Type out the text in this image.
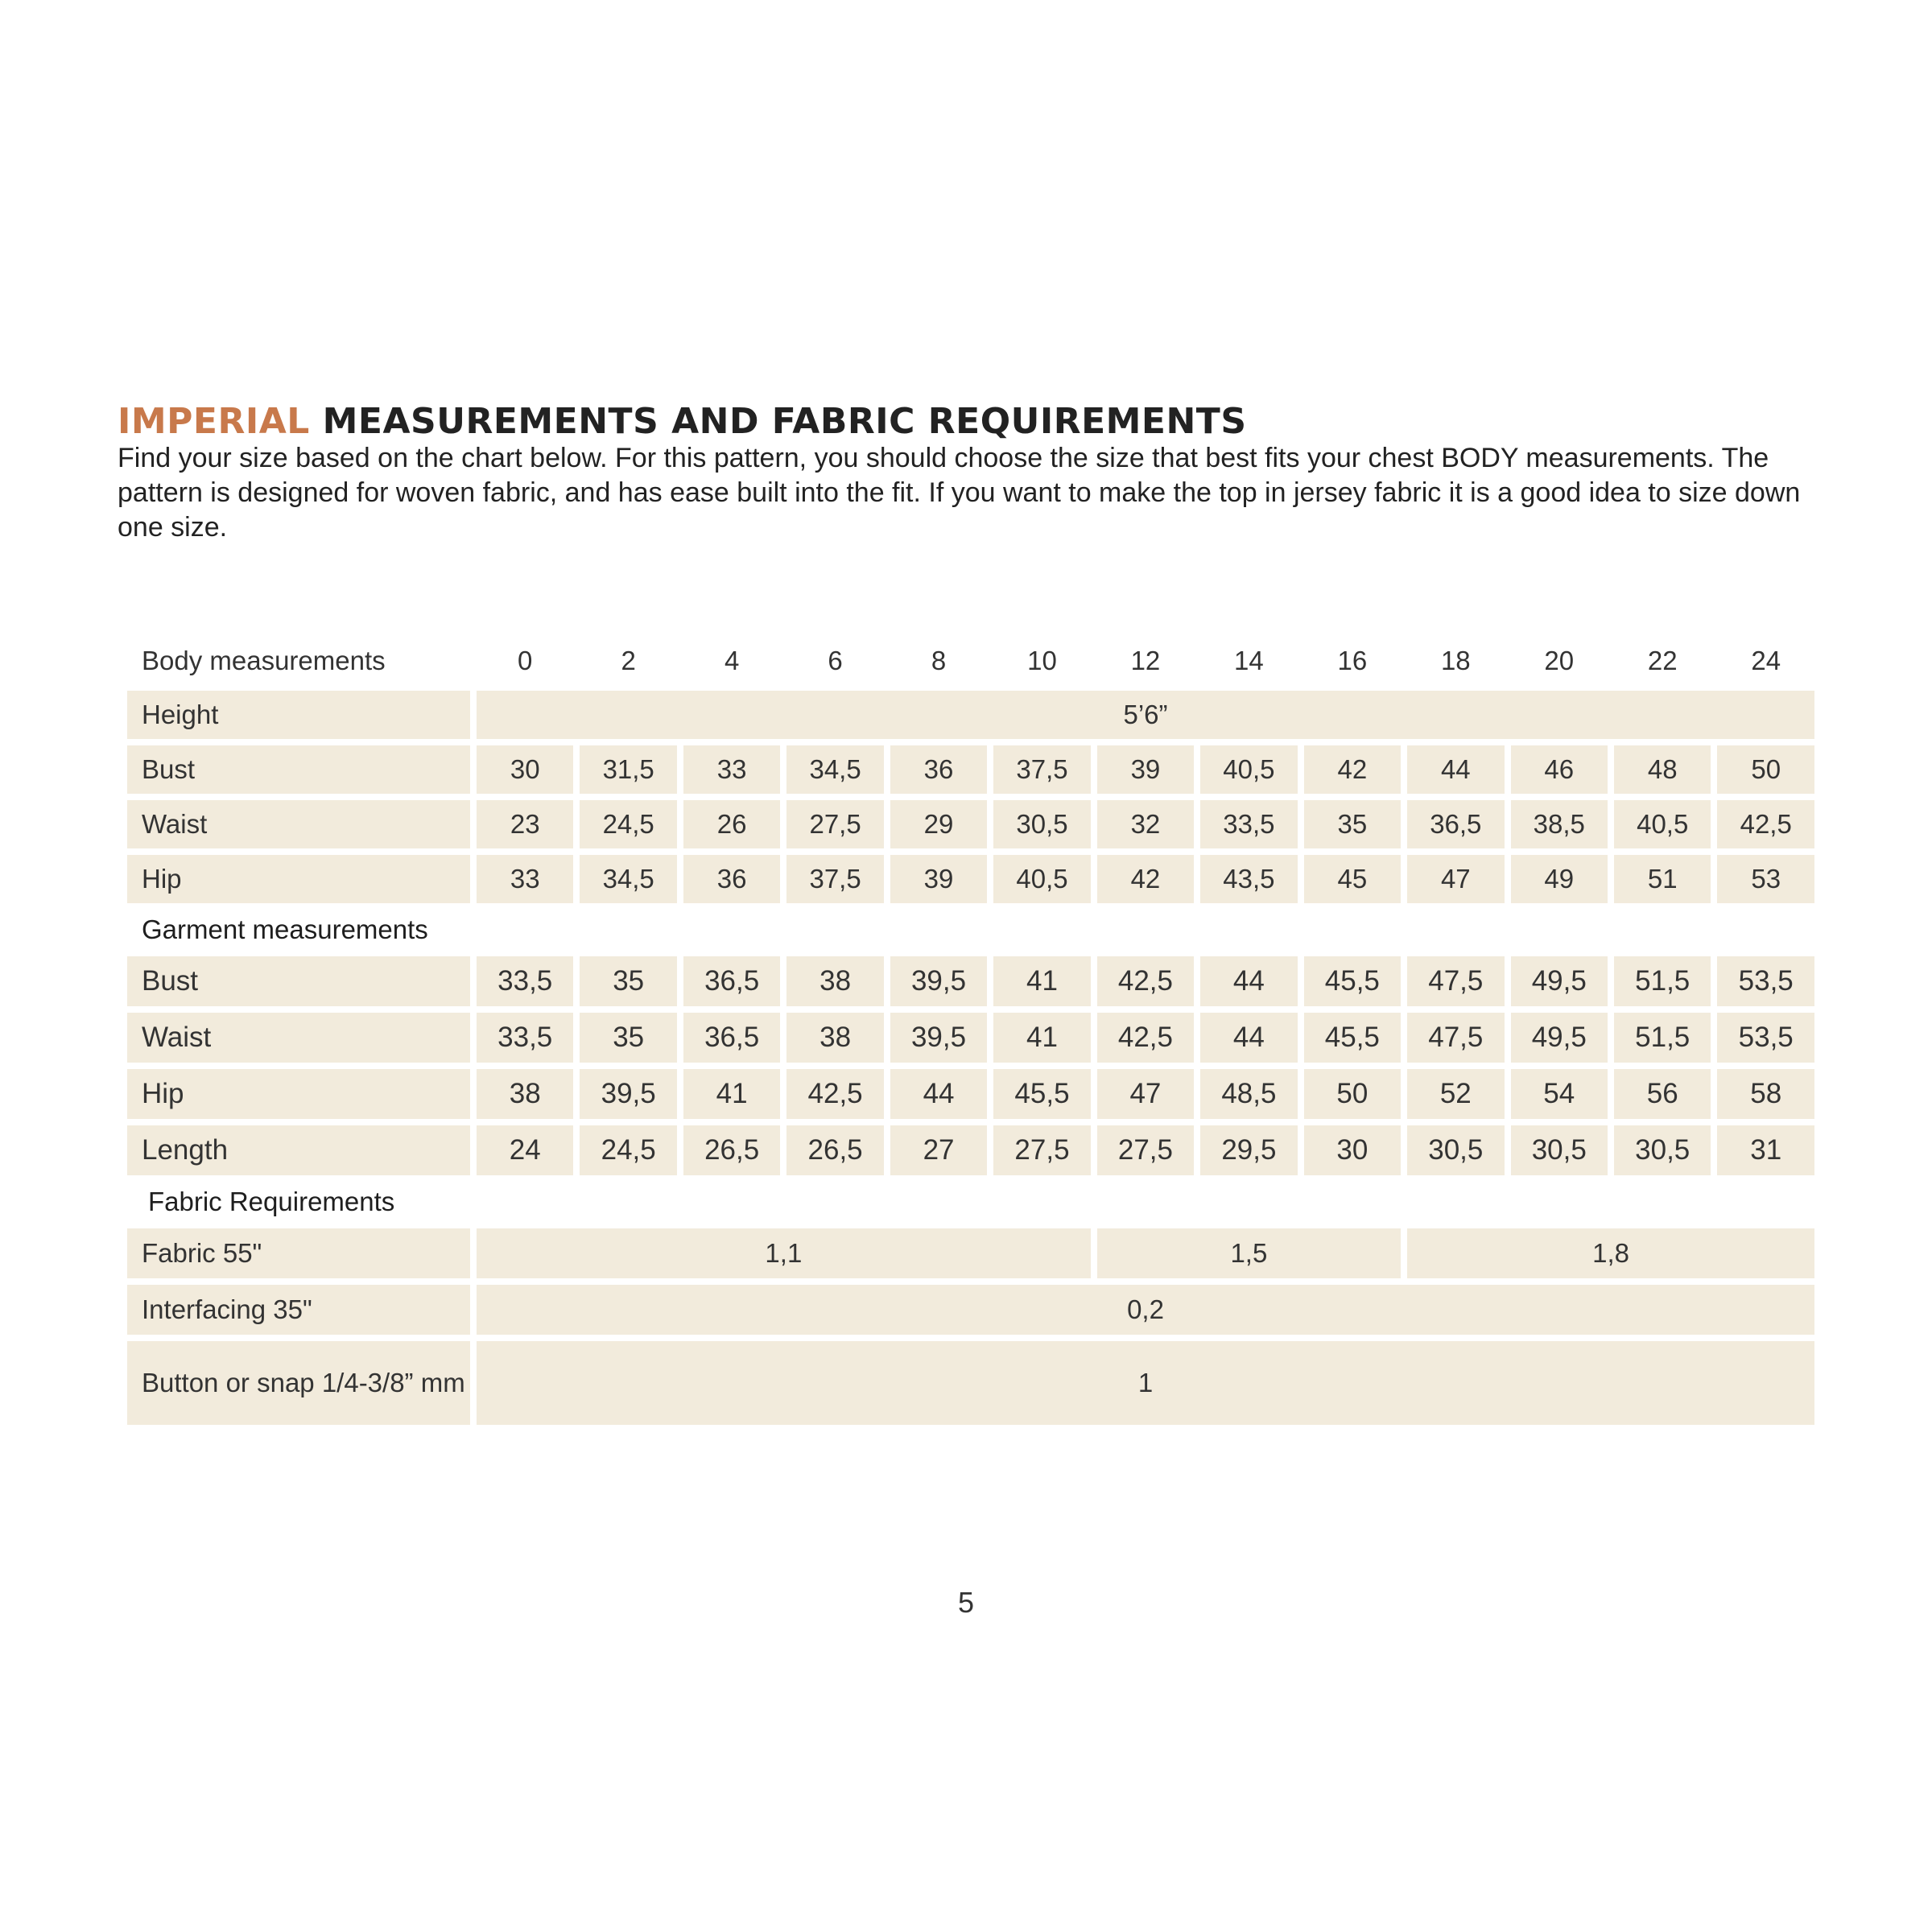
IMPERIAL MEASUREMENTS AND FABRIC REQUIREMENTS

Find your size based on the chart below. For this pattern, you should choose the size that best fits your chest BODY measurements. The pattern is designed for woven fabric, and has ease built into the fit. If you want to make the top in jersey fabric it is a good idea to size down one size.

Body measurements	0	2	4	6	8	10	12	14	16	18	20	22	24
Height	5’6”												
Bust	30	31,5	33	34,5	36	37,5	39	40,5	42	44	46	48	50
Waist	23	24,5	26	27,5	29	30,5	32	33,5	35	36,5	38,5	40,5	42,5
Hip	33	34,5	36	37,5	39	40,5	42	43,5	45	47	49	51	53
Garment measurements													
Bust	33,5	35	36,5	38	39,5	41	42,5	44	45,5	47,5	49,5	51,5	53,5
Waist	33,5	35	36,5	38	39,5	41	42,5	44	45,5	47,5	49,5	51,5	53,5
Hip	38	39,5	41	42,5	44	45,5	47	48,5	50	52	54	56	58
Length	24	24,5	26,5	26,5	27	27,5	27,5	29,5	30	30,5	30,5	30,5	31
Fabric Requirements													
Fabric 55"	1,1						1,5			1,8			
Interfacing 35"	0,2												
Button or snap 1/4-3/8” mm	1												
5
